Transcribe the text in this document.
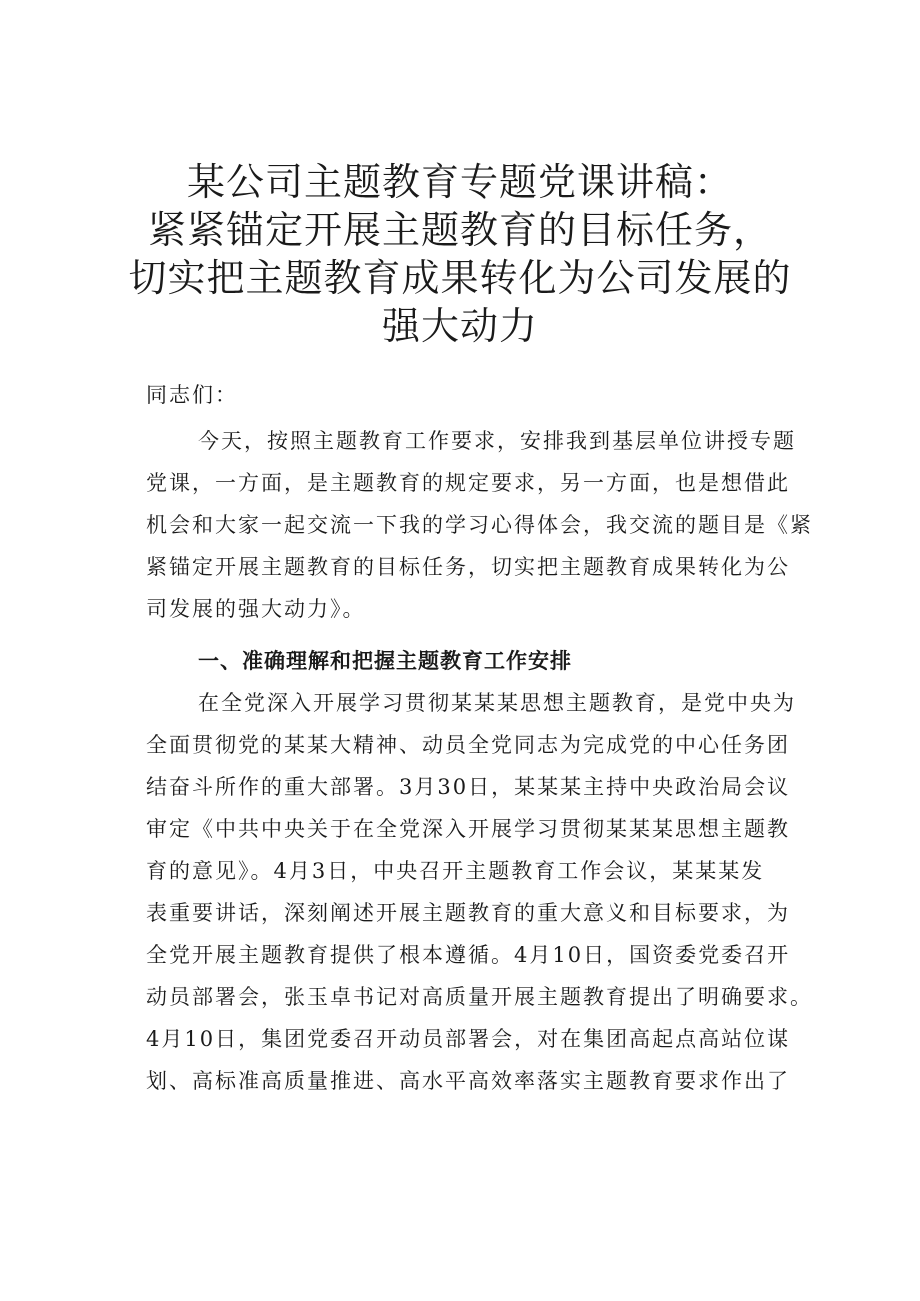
某公司主题教育专题党课讲稿：
紧紧锚定开展主题教育的目标任务，
切实把主题教育成果转化为公司发展的
强大动力
同志们：
今天，按照主题教育工作要求，安排我到基层单位讲授专题
党课，一方面，是主题教育的规定要求，另一方面，也是想借此
机会和大家一起交流一下我的学习心得体会，我交流的题目是《紧
紧锚定开展主题教育的目标任务，切实把主题教育成果转化为公
司发展的强大动力》。
一、准确理解和把握主题教育工作安排
在全党深入开展学习贯彻某某某思想主题教育，是党中央为
全面贯彻党的某某大精神、动员全党同志为完成党的中心任务团
结奋斗所作的重大部署。3月30日，某某某主持中央政治局会议
审定《中共中央关于在全党深入开展学习贯彻某某某思想主题教
育的意见》。4月3日，中央召开主题教育工作会议，某某某发
表重要讲话，深刻阐述开展主题教育的重大意义和目标要求，为
全党开展主题教育提供了根本遵循。4月10日，国资委党委召开
动员部署会，张玉卓书记对高质量开展主题教育提出了明确要求。
4月10日，集团党委召开动员部署会，对在集团高起点高站位谋
划、高标准高质量推进、高水平高效率落实主题教育要求作出了
